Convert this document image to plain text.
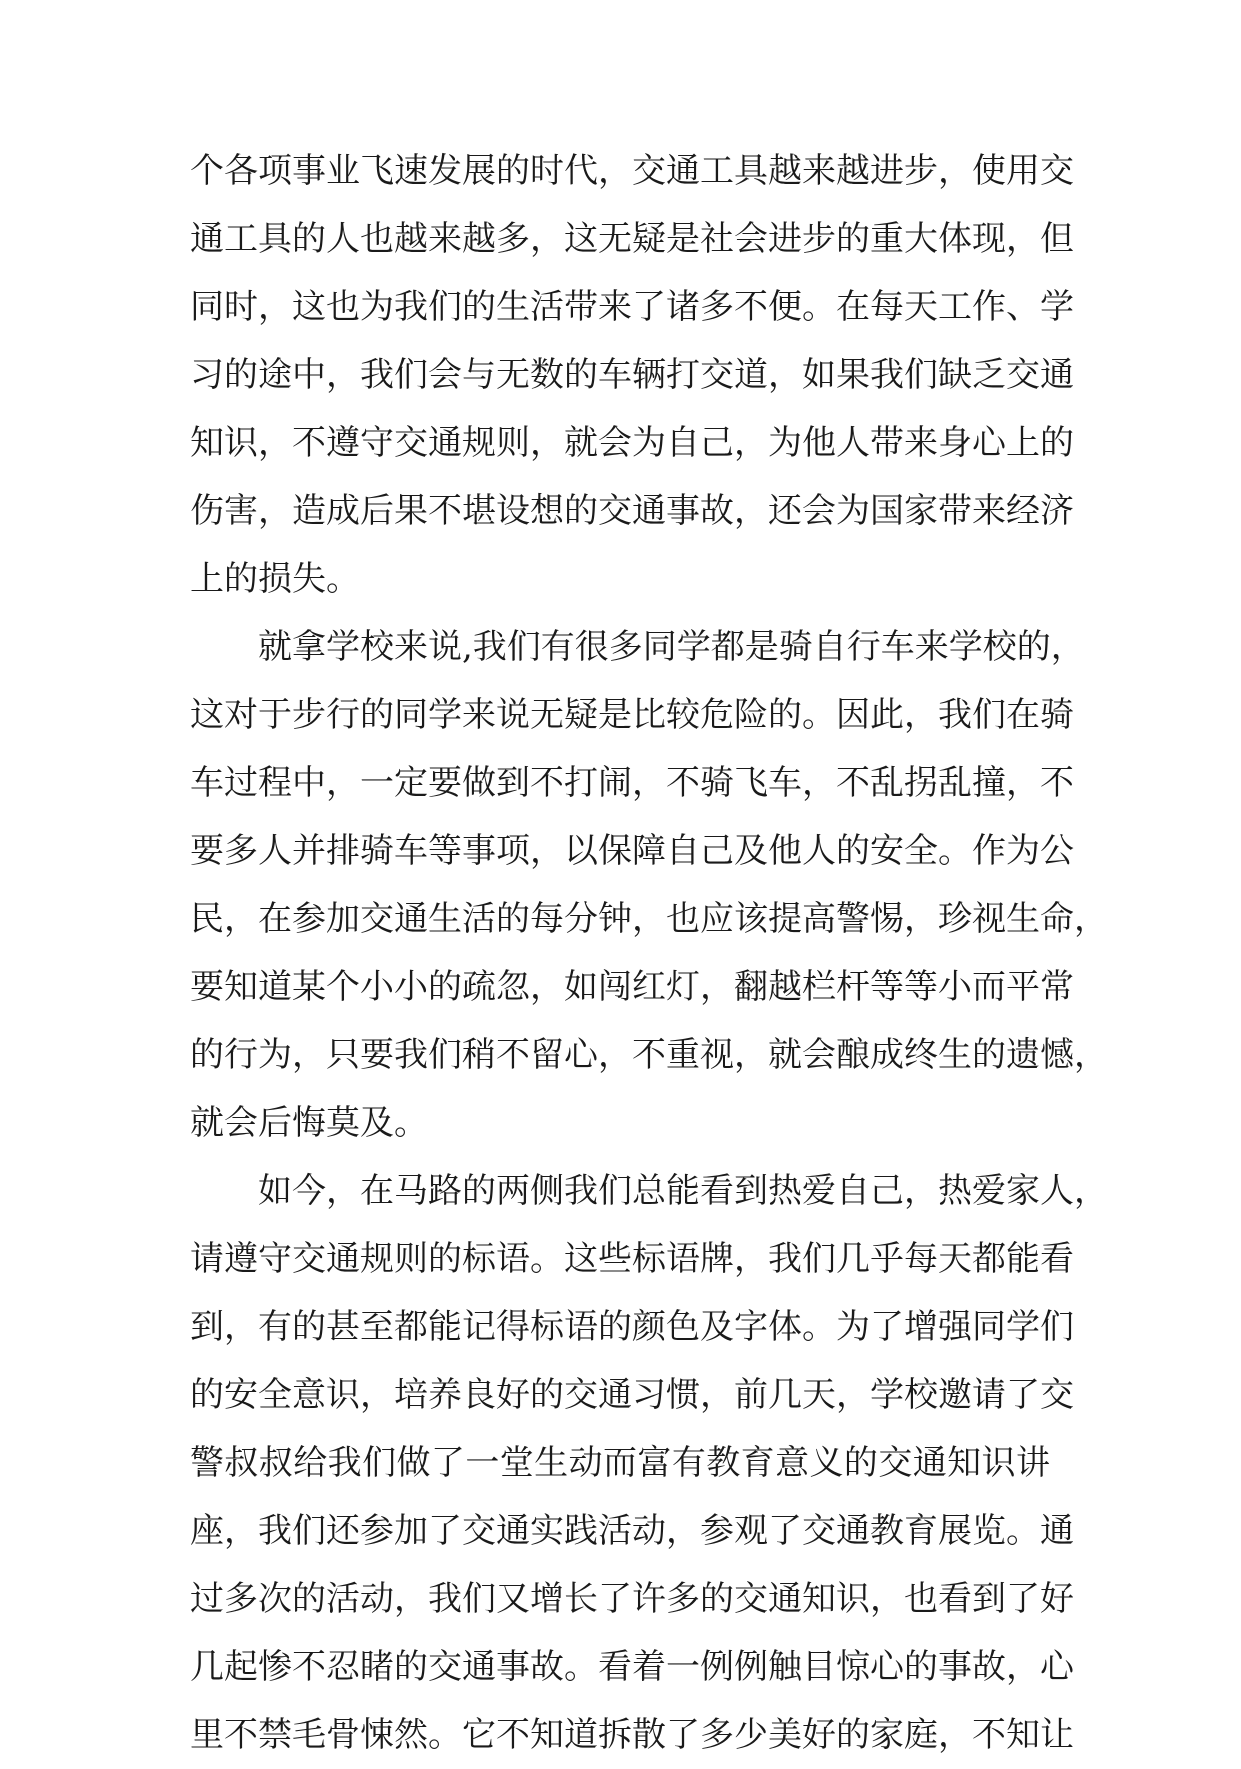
个各项事业飞速发展的时代，交通工具越来越进步，使用交
通工具的人也越来越多，这无疑是社会进步的重大体现，但
同时，这也为我们的生活带来了诸多不便。在每天工作、学
习的途中，我们会与无数的车辆打交道，如果我们缺乏交通
知识，不遵守交通规则，就会为自己，为他人带来身心上的
伤害，造成后果不堪设想的交通事故，还会为国家带来经济
上的损失。
就拿学校来说,我们有很多同学都是骑自行车来学校的，
这对于步行的同学来说无疑是比较危险的。因此，我们在骑
车过程中，一定要做到不打闹，不骑飞车，不乱拐乱撞，不
要多人并排骑车等事项，以保障自己及他人的安全。作为公
民，在参加交通生活的每分钟，也应该提高警惕，珍视生命，
要知道某个小小的疏忽，如闯红灯，翻越栏杆等等小而平常
的行为，只要我们稍不留心，不重视，就会酿成终生的遗憾，
就会后悔莫及。
如今，在马路的两侧我们总能看到热爱自己，热爱家人，
请遵守交通规则的标语。这些标语牌，我们几乎每天都能看
到，有的甚至都能记得标语的颜色及字体。为了增强同学们
的安全意识，培养良好的交通习惯，前几天，学校邀请了交
警叔叔给我们做了一堂生动而富有教育意义的交通知识讲
座，我们还参加了交通实践活动，参观了交通教育展览。通
过多次的活动，我们又增长了许多的交通知识，也看到了好
几起惨不忍睹的交通事故。看着一例例触目惊心的事故，心
里不禁毛骨悚然。它不知道拆散了多少美好的家庭，不知让
